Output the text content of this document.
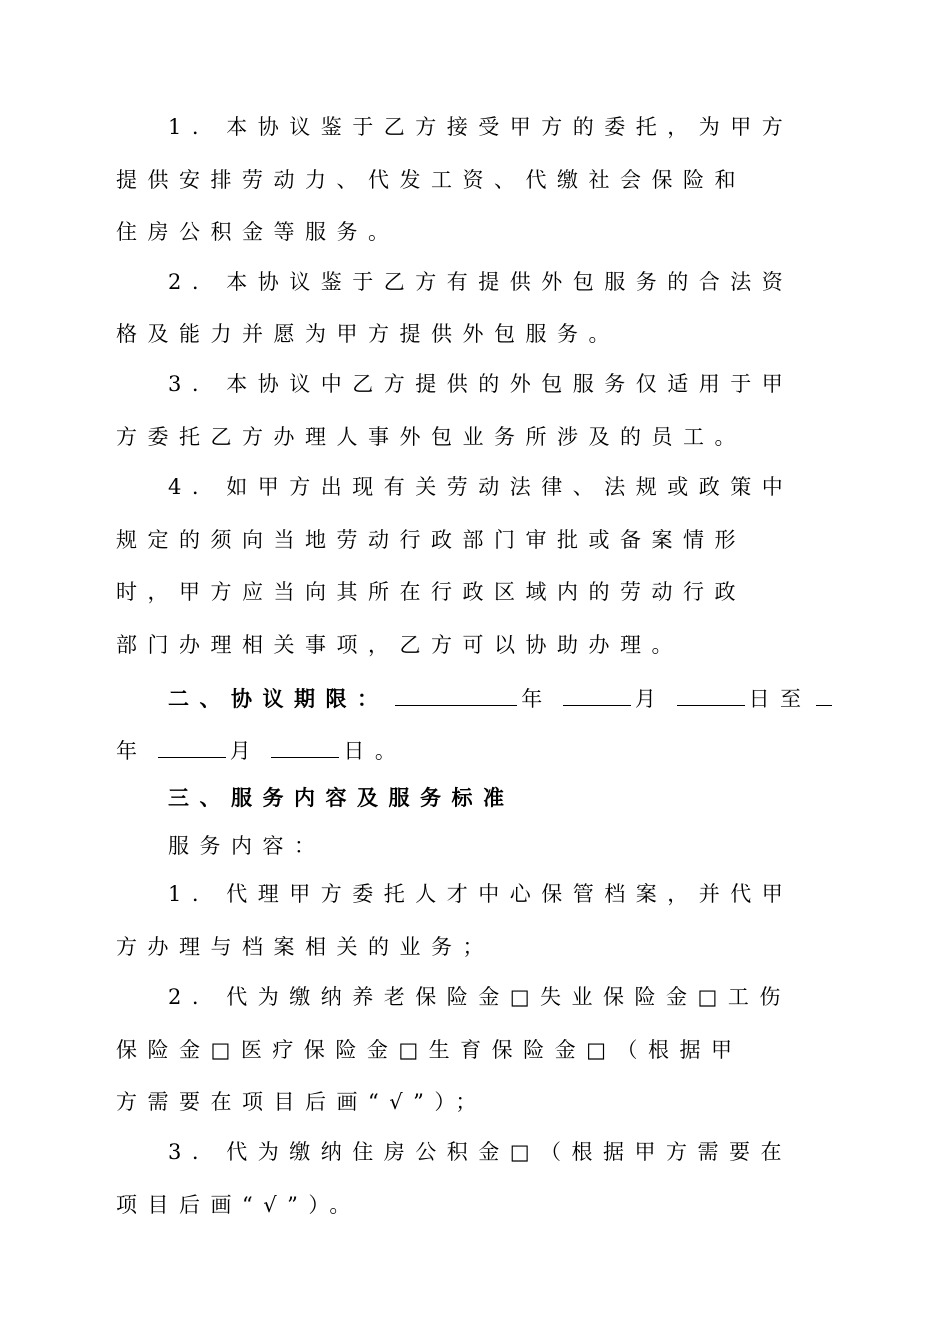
1. 本协议鉴于乙方接受甲方的委托，为甲方
提供安排劳动力、代发工资、代缴社会保险和
住房公积金等服务。
2. 本协议鉴于乙方有提供外包服务的合法资
格及能力并愿为甲方提供外包服务。
3. 本协议中乙方提供的外包服务仅适用于甲
方委托乙方办理人事外包业务所涉及的员工。
4. 如甲方出现有关劳动法律、法规或政策中
规定的须向当地劳动行政部门审批或备案情形
时，甲方应当向其所在行政区域内的劳动行政
部门办理相关事项，乙方可以协助办理。
二、协议期限：	年	月	日至
年	月	日。
三、服务内容及服务标准
服务内容：
1. 代理甲方委托人才中心保管档案，并代甲
方办理与档案相关的业务；
2. 代为缴纳养老保险金□失业保险金□工伤
保险金□医疗保险金□生育保险金□（根据甲
方需要在项目后画“√”）；
3. 代为缴纳住房公积金□（根据甲方需要在
项目后画“√”）。
